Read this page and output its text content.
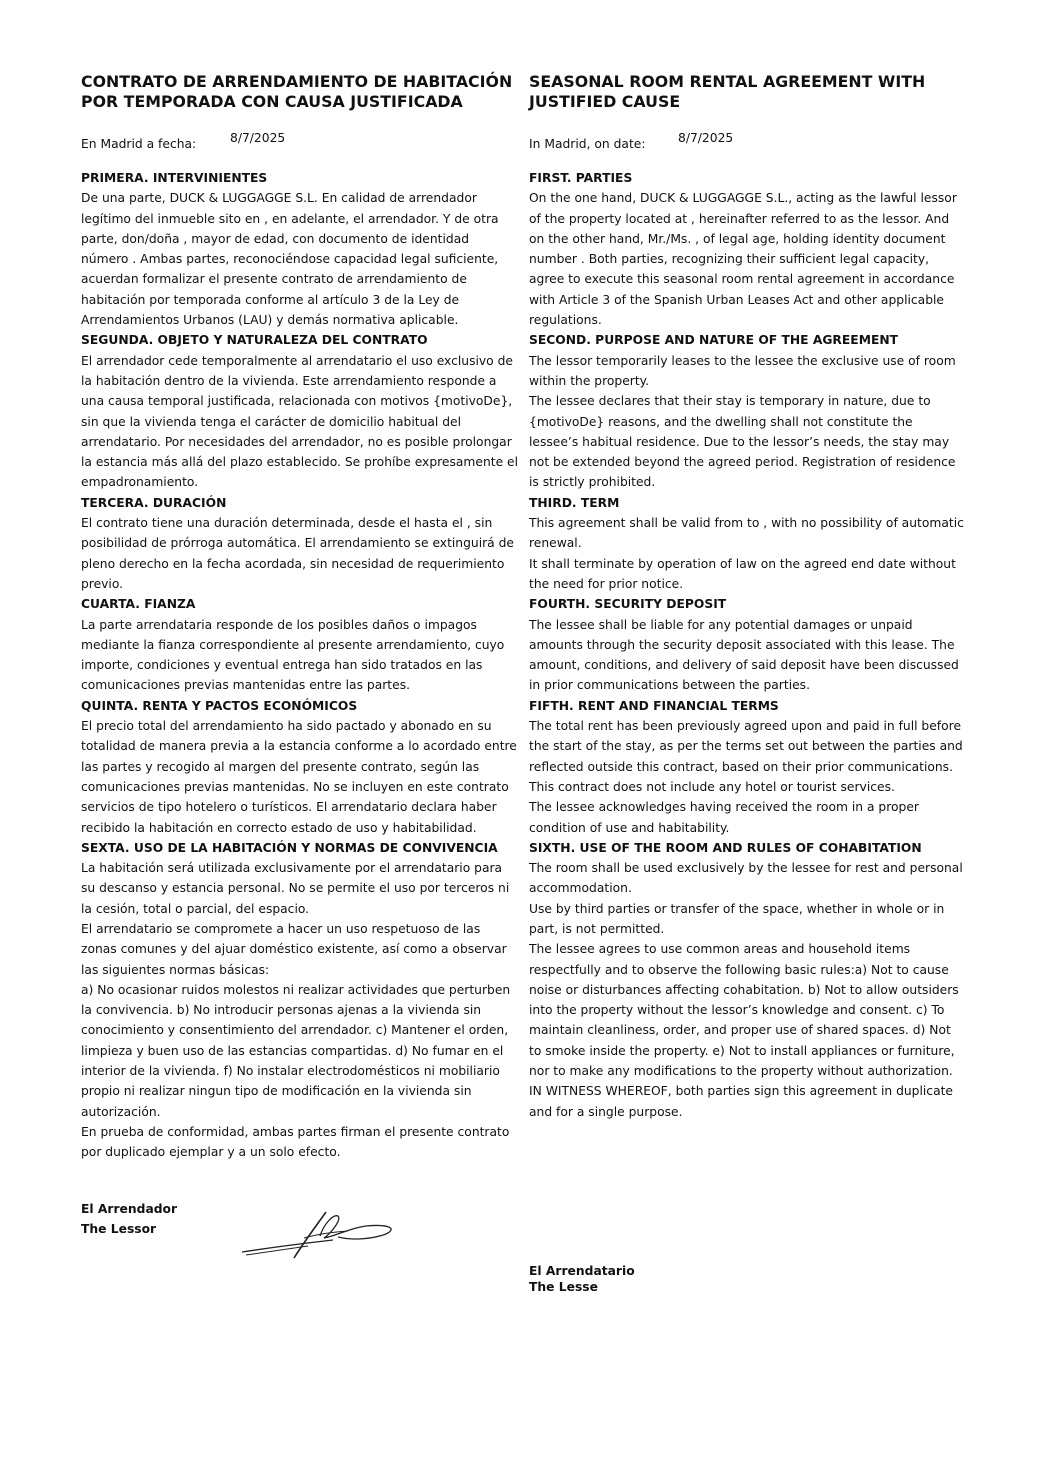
CONTRATO DE ARRENDAMIENTO DE HABITACIÓN POR TEMPORADA CON CAUSA JUSTIFICADA
En Madrid a fecha:	8/7/2025

PRIMERA. INTERVINIENTES

De una parte, DUCK & LUGGAGGE S.L. En calidad de arrendador legítimo del inmueble sito en , en adelante, el arrendador. Y de otra parte, don/doña , mayor de edad, con documento de identidad número . Ambas partes, reconociéndose capacidad legal suficiente, acuerdan formalizar el presente contrato de arrendamiento de habitación por temporada conforme al artículo 3 de la Ley de Arrendamientos Urbanos (LAU) y demás normativa aplicable.

SEGUNDA. OBJETO Y NATURALEZA DEL CONTRATO

El arrendador cede temporalmente al arrendatario el uso exclusivo de la habitación dentro de la vivienda. Este arrendamiento responde a una causa temporal justificada, relacionada con motivos {motivoDe}, sin que la vivienda tenga el carácter de domicilio habitual del arrendatario. Por necesidades del arrendador, no es posible prolongar la estancia más allá del plazo establecido. Se prohíbe expresamente el empadronamiento.

TERCERA. DURACIÓN

El contrato tiene una duración determinada, desde el hasta el , sin posibilidad de prórroga automática. El arrendamiento se extinguirá de pleno derecho en la fecha acordada, sin necesidad de requerimiento previo.

CUARTA. FIANZA

La parte arrendataria responde de los posibles daños o impagos mediante la fianza correspondiente al presente arrendamiento, cuyo importe, condiciones y eventual entrega han sido tratados en las comunicaciones previas mantenidas entre las partes.

QUINTA. RENTA Y PACTOS ECONÓMICOS

El precio total del arrendamiento ha sido pactado y abonado en su totalidad de manera previa a la estancia conforme a lo acordado entre las partes y recogido al margen del presente contrato, según las comunicaciones previas mantenidas. No se incluyen en este contrato servicios de tipo hotelero o turísticos. El arrendatario declara haber recibido la habitación en correcto estado de uso y habitabilidad.

SEXTA. USO DE LA HABITACIÓN Y NORMAS DE CONVIVENCIA

La habitación será utilizada exclusivamente por el arrendatario para su descanso y estancia personal. No se permite el uso por terceros ni la cesión, total o parcial, del espacio.

El arrendatario se compromete a hacer un uso respetuoso de las zonas comunes y del ajuar doméstico existente, así como a observar las siguientes normas básicas:

a) No ocasionar ruidos molestos ni realizar actividades que perturben la convivencia. b) No introducir personas ajenas a la vivienda sin conocimiento y consentimiento del arrendador. c) Mantener el orden, limpieza y buen uso de las estancias compartidas. d) No fumar en el interior de la vivienda. f) No instalar electrodomésticos ni mobiliario propio ni realizar ningun tipo de modificación en la vivienda sin autorización.

En prueba de conformidad, ambas partes firman el presente contrato por duplicado ejemplar y a un solo efecto.

SEASONAL ROOM RENTAL AGREEMENT WITH JUSTIFIED CAUSE
In Madrid, on date:	8/7/2025

FIRST. PARTIES

On the one hand, DUCK & LUGGAGGE S.L., acting as the lawful lessor of the property located at , hereinafter referred to as the lessor. And on the other hand, Mr./Ms. , of legal age, holding identity document number . Both parties, recognizing their sufficient legal capacity, agree to execute this seasonal room rental agreement in accordance with Article 3 of the Spanish Urban Leases Act and other applicable regulations.

SECOND. PURPOSE AND NATURE OF THE AGREEMENT

The lessor temporarily leases to the lessee the exclusive use of room within the property.

The lessee declares that their stay is temporary in nature, due to {motivoDe} reasons, and the dwelling shall not constitute the lessee’s habitual residence. Due to the lessor’s needs, the stay may not be extended beyond the agreed period. Registration of residence is strictly prohibited.

THIRD. TERM

This agreement shall be valid from to , with no possibility of automatic renewal.

It shall terminate by operation of law on the agreed end date without the need for prior notice.

FOURTH. SECURITY DEPOSIT

The lessee shall be liable for any potential damages or unpaid amounts through the security deposit associated with this lease. The amount, conditions, and delivery of said deposit have been discussed in prior communications between the parties.

FIFTH. RENT AND FINANCIAL TERMS

The total rent has been previously agreed upon and paid in full before the start of the stay, as per the terms set out between the parties and reflected outside this contract, based on their prior communications.

This contract does not include any hotel or tourist services.

The lessee acknowledges having received the room in a proper condition of use and habitability.

SIXTH. USE OF THE ROOM AND RULES OF COHABITATION

The room shall be used exclusively by the lessee for rest and personal accommodation.

Use by third parties or transfer of the space, whether in whole or in part, is not permitted.

The lessee agrees to use common areas and household items respectfully and to observe the following basic rules:a) Not to cause noise or disturbances affecting cohabitation. b) Not to allow outsiders into the property without the lessor’s knowledge and consent. c) To maintain cleanliness, order, and proper use of shared spaces. d) Not to smoke inside the property. e) Not to install appliances or furniture, nor to make any modifications to the property without authorization.

IN WITNESS WHEREOF, both parties sign this agreement in duplicate and for a single purpose.

El Arrendador

The Lessor

El Arrendatario

The Lesse
